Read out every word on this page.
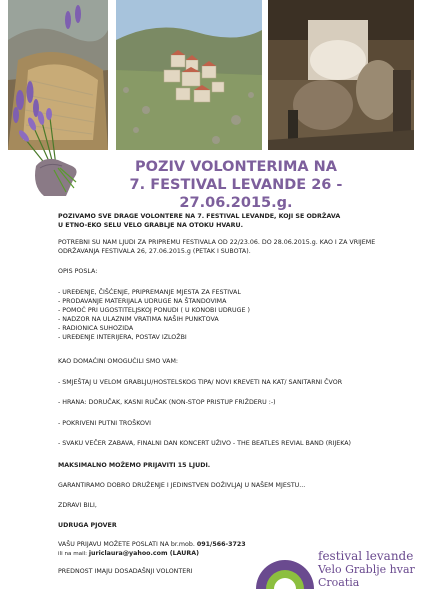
POZIV VOLONTERIMA NA
7. FESTIVAL LEVANDE 26 - 27.06.2015.g.
POZIVAMO SVE DRAGE VOLONTERE NA 7. FESTIVAL LEVANDE, KOJI SE ODRŽAVA
U ETNO-EKO SELU VELO GRABLJE NA OTOKU HVARU.
POTREBNI SU NAM LJUDI ZA PRIPREMU FESTIVALA OD 22/23.06. DO 28.06.2015.g. KAO I ZA VRIJEME
ODRŽAVANJA FESTIVALA 26, 27.06.2015.g (PETAK I SUBOTA).
OPIS POSLA:
- UREĐENJE, ČIŠĆENJE, PRIPREMANJE MJESTA ZA FESTIVAL
- PRODAVANJE MATERIJALA UDRUGE NA ŠTANDOVIMA
- POMOĆ PRI UGOSTITELJSKOJ PONUDI ( U KONOBI UDRUGE )
- NADZOR NA ULAZNIM VRATIMA NAŠIH PUNKTOVA
- RADIONICA SUHOZIDA
- UREĐENJE INTERIJERA, POSTAV IZLOŽBI
KAO DOMAĆINI OMOGUĆILI SMO VAM:
- SMJEŠTAJ U VELOM GRABLJU/HOSTELSKOG TIPA/ NOVI KREVETI NA KAT/ SANITARNI ČVOR
- HRANA: DORUČAK, KASNI RUČAK (NON-STOP PRISTUP FRIŽDERU :-)
- POKRIVENI PUTNI TROŠKOVI
- SVAKU VEČER ZABAVA, FINALNI DAN KONCERT UŽIVO - THE BEATLES REVIAL BAND (RIJEKA)
MAKSIMALNO MOŽEMO PRIJAVITI 15 LJUDI.
GARANTIRAMO DOBRO DRUŽENJE I JEDINSTVEN DOŽIVLJAJ U NAŠEM MJESTU...
ZDRAVI BILI,
UDRUGA PJOVER
VAŠU PRIJAVU MOŽETE POSLATI NA br.mob. 091/566-3723
ili na mail: juriclaura@yahoo.com (LAURA)
PREDNOST IMAJU DOSADAŠNJI VOLONTERI
festival levande
Velo Grablje hvar
Croatia
